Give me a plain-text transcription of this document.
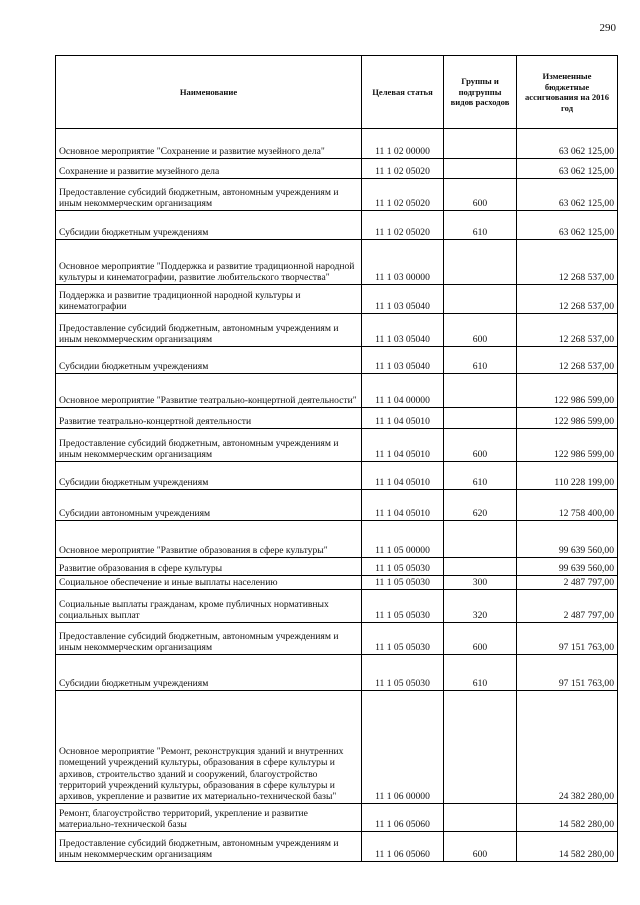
290
Наименование	Целевая статья	Группы и подгруппы видов расходов	Измененные бюджетные ассигнования на 2016 год
Основное мероприятие "Сохранение и развитие музейного дела"	11 1 02 00000		63 062 125,00
Сохранение и развитие музейного дела	11 1 02 05020		63 062 125,00
Предоставление субсидий бюджетным, автономным учреждениям и иным некоммерческим организациям	11 1 02 05020	600	63 062 125,00
Субсидии бюджетным учреждениям	11 1 02 05020	610	63 062 125,00
Основное мероприятие "Поддержка и развитие традиционной народной культуры и кинематографии, развитие любительского творчества"	11 1 03 00000		12 268 537,00
Поддержка и развитие традиционной народной культуры и кинематографии	11 1 03 05040		12 268 537,00
Предоставление субсидий бюджетным, автономным учреждениям и иным некоммерческим организациям	11 1 03 05040	600	12 268 537,00
Субсидии бюджетным учреждениям	11 1 03 05040	610	12 268 537,00
Основное мероприятие "Развитие театрально-концертной деятельности"	11 1 04 00000		122 986 599,00
Развитие театрально-концертной деятельности	11 1 04 05010		122 986 599,00
Предоставление субсидий бюджетным, автономным учреждениям и иным некоммерческим организациям	11 1 04 05010	600	122 986 599,00
Субсидии бюджетным учреждениям	11 1 04 05010	610	110 228 199,00
Субсидии автономным учреждениям	11 1 04 05010	620	12 758 400,00
Основное мероприятие "Развитие образования в сфере культуры"	11 1 05 00000		99 639 560,00
Развитие образования в сфере культуры	11 1 05 05030		99 639 560,00
Социальное обеспечение и иные выплаты населению	11 1 05 05030	300	2 487 797,00
Социальные выплаты гражданам, кроме публичных нормативных социальных выплат	11 1 05 05030	320	2 487 797,00
Предоставление субсидий бюджетным, автономным учреждениям и иным некоммерческим организациям	11 1 05 05030	600	97 151 763,00
Субсидии бюджетным учреждениям	11 1 05 05030	610	97 151 763,00
Основное мероприятие "Ремонт, реконструкция зданий и внутренних помещений учреждений культуры, образования в сфере культуры и архивов, строительство зданий и сооружений, благоустройство территорий учреждений культуры, образования в сфере культуры и архивов, укрепление и развитие их материально-технической базы"	11 1 06 00000		24 382 280,00
Ремонт, благоустройство территорий, укрепление и развитие материально-технической базы	11 1 06 05060		14 582 280,00
Предоставление субсидий бюджетным, автономным учреждениям и иным некоммерческим организациям	11 1 06 05060	600	14 582 280,00
